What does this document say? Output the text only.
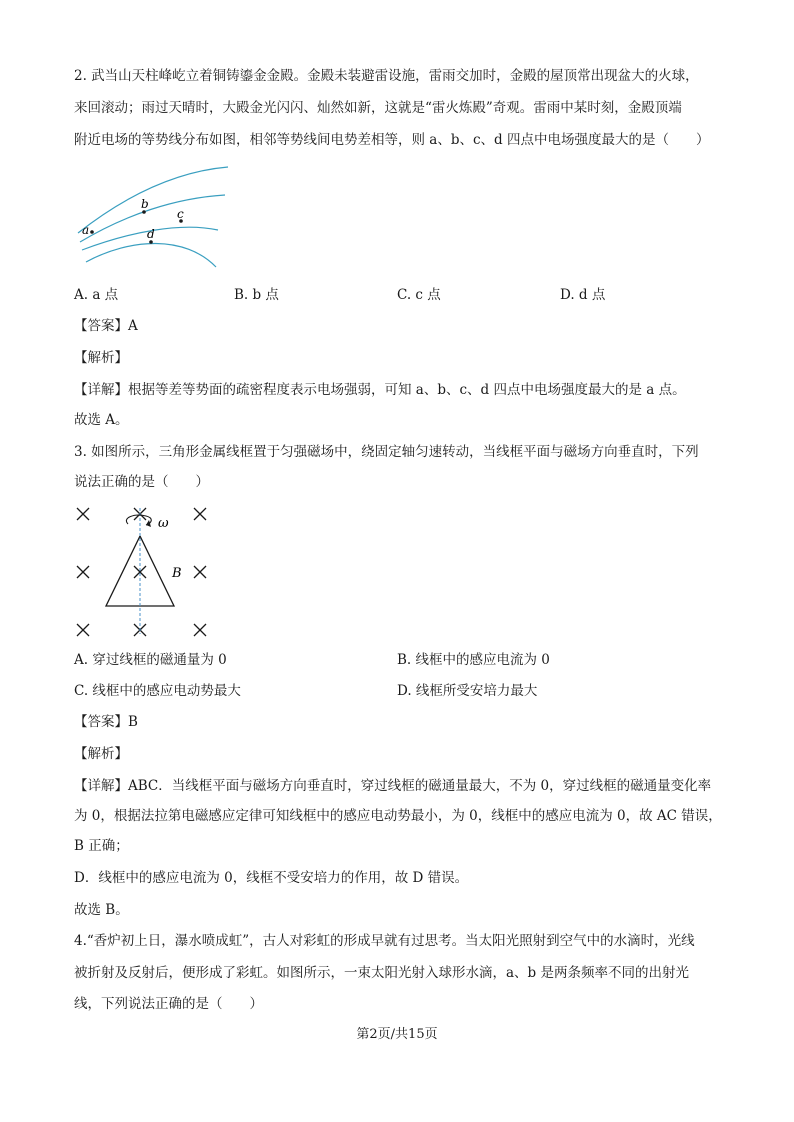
2. 武当山天柱峰屹立着铜铸鎏金金殿。金殿未装避雷设施，雷雨交加时，金殿的屋顶常出现盆大的火球，
来回滚动；雨过天晴时，大殿金光闪闪、灿然如新，这就是“雷火炼殿”奇观。雷雨中某时刻，金殿顶端
附近电场的等势线分布如图，相邻等势线间电势差相等，则 a、b、c、d 四点中电场强度最大的是（　　）
a
b
c
d
A. a 点	B. b 点	C. c 点	D. d 点
【答案】A
【解析】
【详解】根据等差等势面的疏密程度表示电场强弱，可知 a、b、c、d 四点中电场强度最大的是 a 点。
故选 A。
3. 如图所示，三角形金属线框置于匀强磁场中，绕固定轴匀速转动，当线框平面与磁场方向垂直时，下列
说法正确的是（　　）
ω
B
A. 穿过线框的磁通量为 0	B. 线框中的感应电流为 0
C. 线框中的感应电动势最大	D. 线框所受安培力最大
【答案】B
【解析】
【详解】ABC．当线框平面与磁场方向垂直时，穿过线框的磁通量最大，不为 0，穿过线框的磁通量变化率
为 0，根据法拉第电磁感应定律可知线框中的感应电动势最小，为 0，线框中的感应电流为 0，故 AC 错误，
B 正确；
D．线框中的感应电流为 0，线框不受安培力的作用，故 D 错误。
故选 B。
4.“香炉初上日，瀑水喷成虹”，古人对彩虹的形成早就有过思考。当太阳光照射到空气中的水滴时，光线
被折射及反射后，便形成了彩虹。如图所示，一束太阳光射入球形水滴，a、b 是两条频率不同的出射光
线，下列说法正确的是（　　）
第2页/共15页
